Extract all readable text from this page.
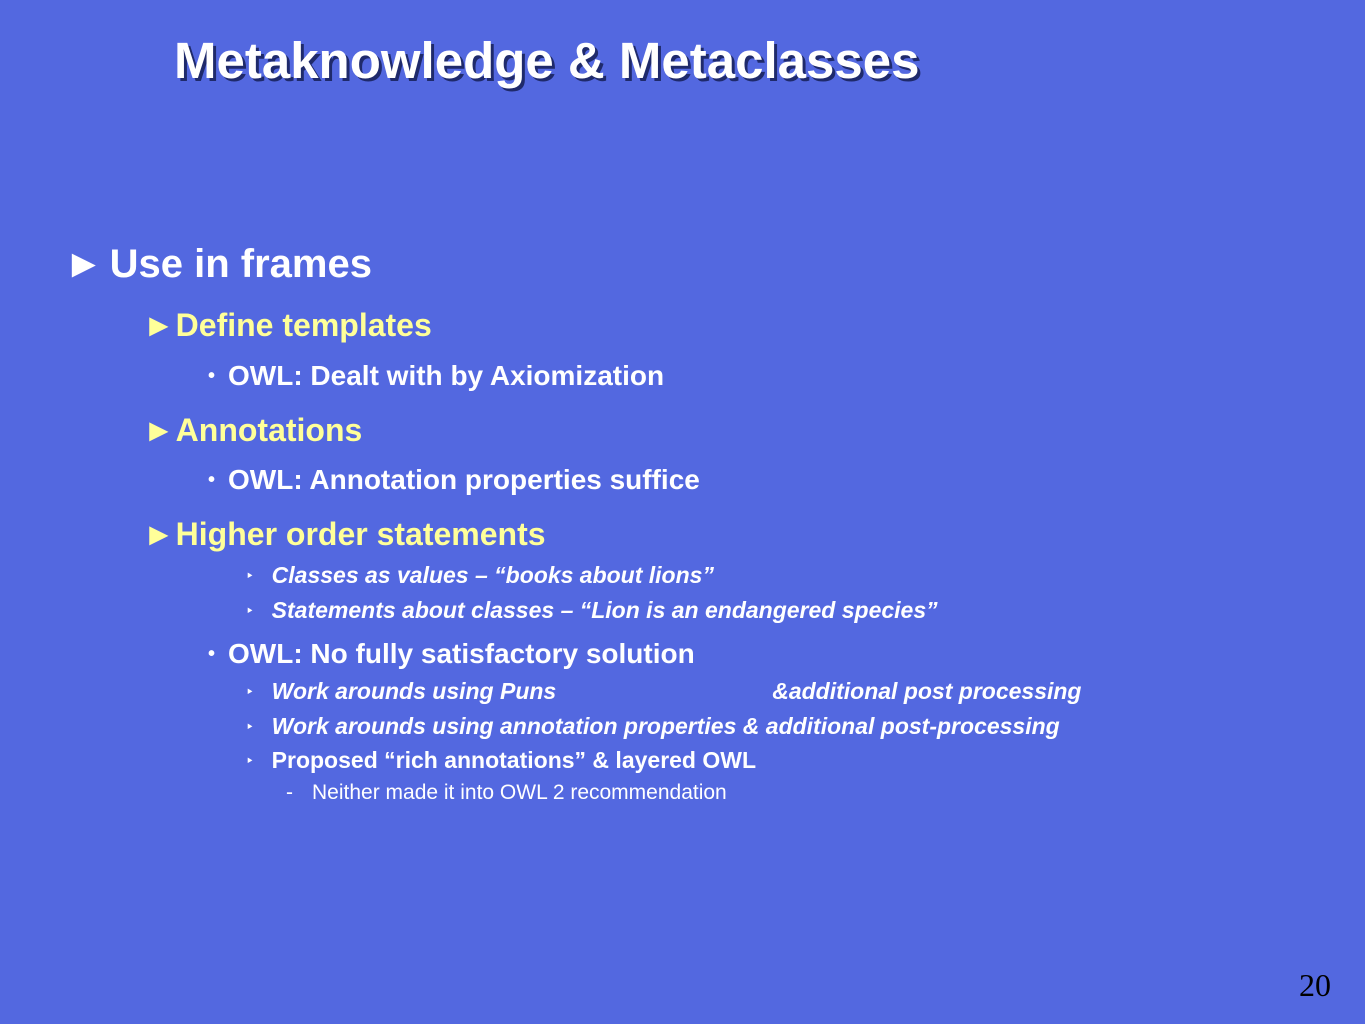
Metaknowledge & Metaclasses
► Use in frames
►Define templates
• OWL: Dealt with by Axiomization
►Annotations
• OWL: Annotation properties suffice
►Higher order statements
‣ Classes as values – “books about lions”
‣ Statements about classes – “Lion is an endangered species”
• OWL: No fully satisfactory solution
‣ Work arounds using Puns	&additional post processing
‣ Work arounds using annotation properties & additional post-processing
‣ Proposed “rich annotations” & layered OWL
- Neither made it into OWL 2 recommendation
20
